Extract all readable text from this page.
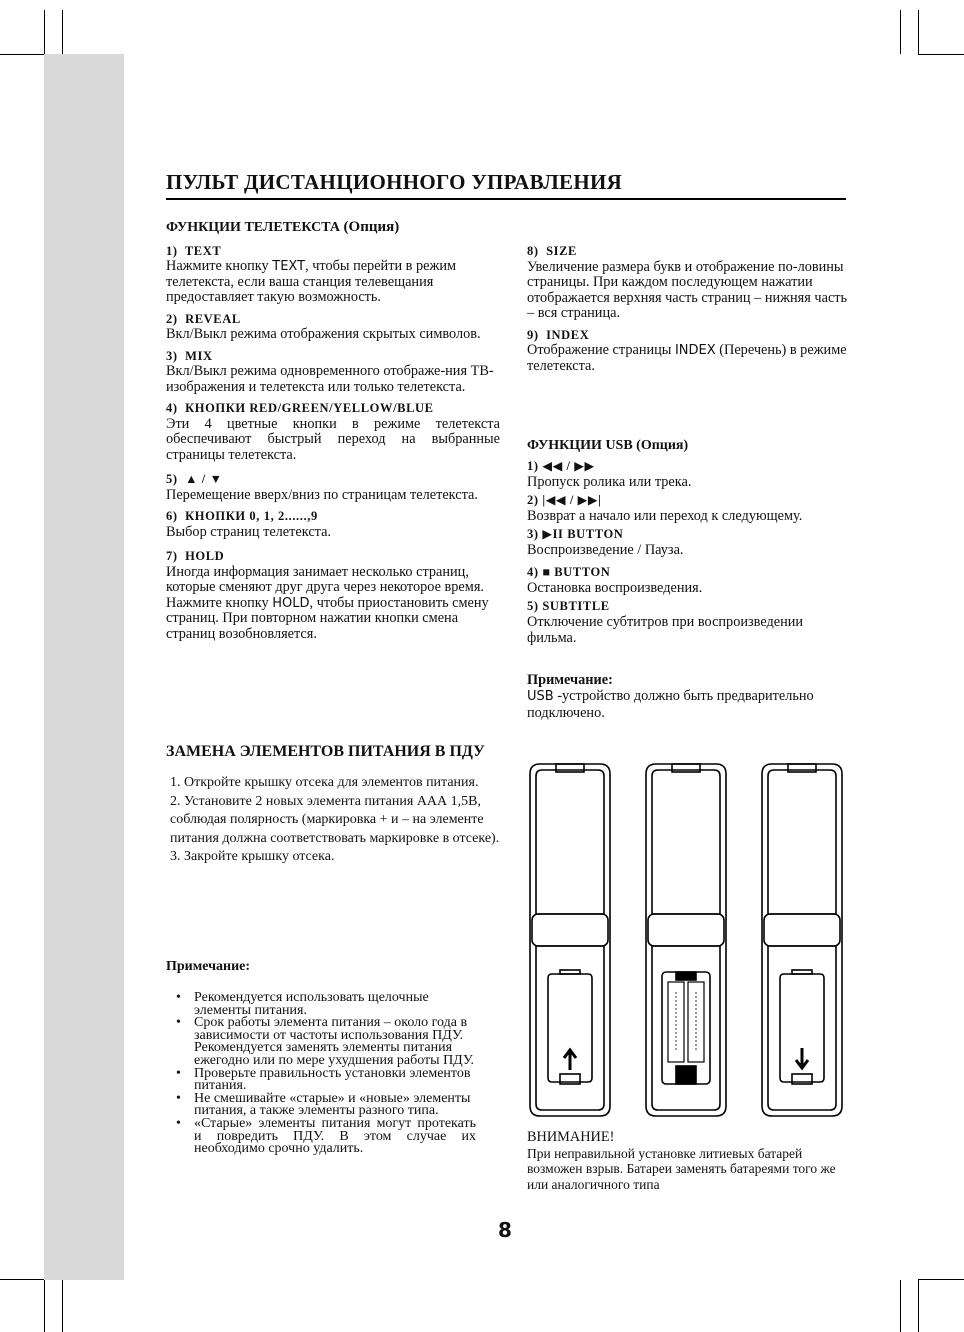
ПУЛЬТ ДИСТАНЦИОННОГО УПРАВЛЕНИЯ
ФУНКЦИИ ТЕЛЕТЕКСТА (Опция)
1) TEXT
Нажмите кнопку TEXT, чтобы перейти в режим телетекста, если ваша станция телевещания предоставляет такую возможность.
2) REVEAL
Вкл/Выкл режима отображения скрытых символов.
3) MIX
Вкл/Выкл режима одновременного отображе-ния ТВ-изображения и телетекста или только телетекста.
4) КНОПКИ RED/GREEN/YELLOW/BLUE
Эти 4 цветные кнопки в режиме телетекста обеспечивают быстрый переход на выбранные страницы телетекста.
5) ▲ / ▼
Перемещение вверх/вниз по страницам телетекста.
6) КНОПКИ 0, 1, 2......,9
Выбор страниц телетекста.
7) HOLD
Иногда информация занимает несколько страниц, которые сменяют друг друга через некоторое время. Нажмите кнопку HOLD, чтобы приостановить смену страниц. При повторном нажатии кнопки смена страниц возобновляется.
8) SIZE
Увеличение размера букв и отображение по-ловины страницы. При каждом последующем нажатии отображается верхняя часть страниц – нижняя часть – вся страница.
9) INDEX
Отображение страницы INDEX (Перечень) в режиме телетекста.
ФУНКЦИИ USB (Опция)
1) ◀◀ / ▶▶
Пропуск ролика или трека.
2) |◀◀ / ▶▶|
Возврат а начало или переход к следующему.
3) ▶II BUTTON
Воспроизведение / Пауза.
4) ■ BUTTON
Остановка воспроизведения.
5) SUBTITLE
Отключение субтитров при воспроизведении фильма.
Примечание:
USB -устройство должно быть предварительно подключено.
ЗАМЕНА ЭЛЕМЕНТОВ ПИТАНИЯ В ПДУ
1. Откройте крышку отсека для элементов питания.
2. Установите 2 новых элемента питания ААА 1,5В, соблюдая полярность (маркировка + и – на элементе питания должна соответствовать маркировке в отсеке).
3. Закройте крышку отсека.
Примечание:
• Рекомендуется использовать щелочные элементы питания.
• Срок работы элемента питания – около года в зависимости от частоты использования ПДУ. Рекомендуется заменять элементы питания ежегодно или по мере ухудшения работы ПДУ.
• Проверьте правильность установки элементов питания.
• Не смешивайте «старые» и «новые» элементы питания, а также элементы разного типа.
• «Старые» элементы питания могут протекать и повредить ПДУ. В этом случае их необходимо срочно удалить.
ВНИМАНИЕ!
При неправильной установке литиевых батарей возможен взрыв. Батареи заменять батареями того же или аналогичного типа
8
